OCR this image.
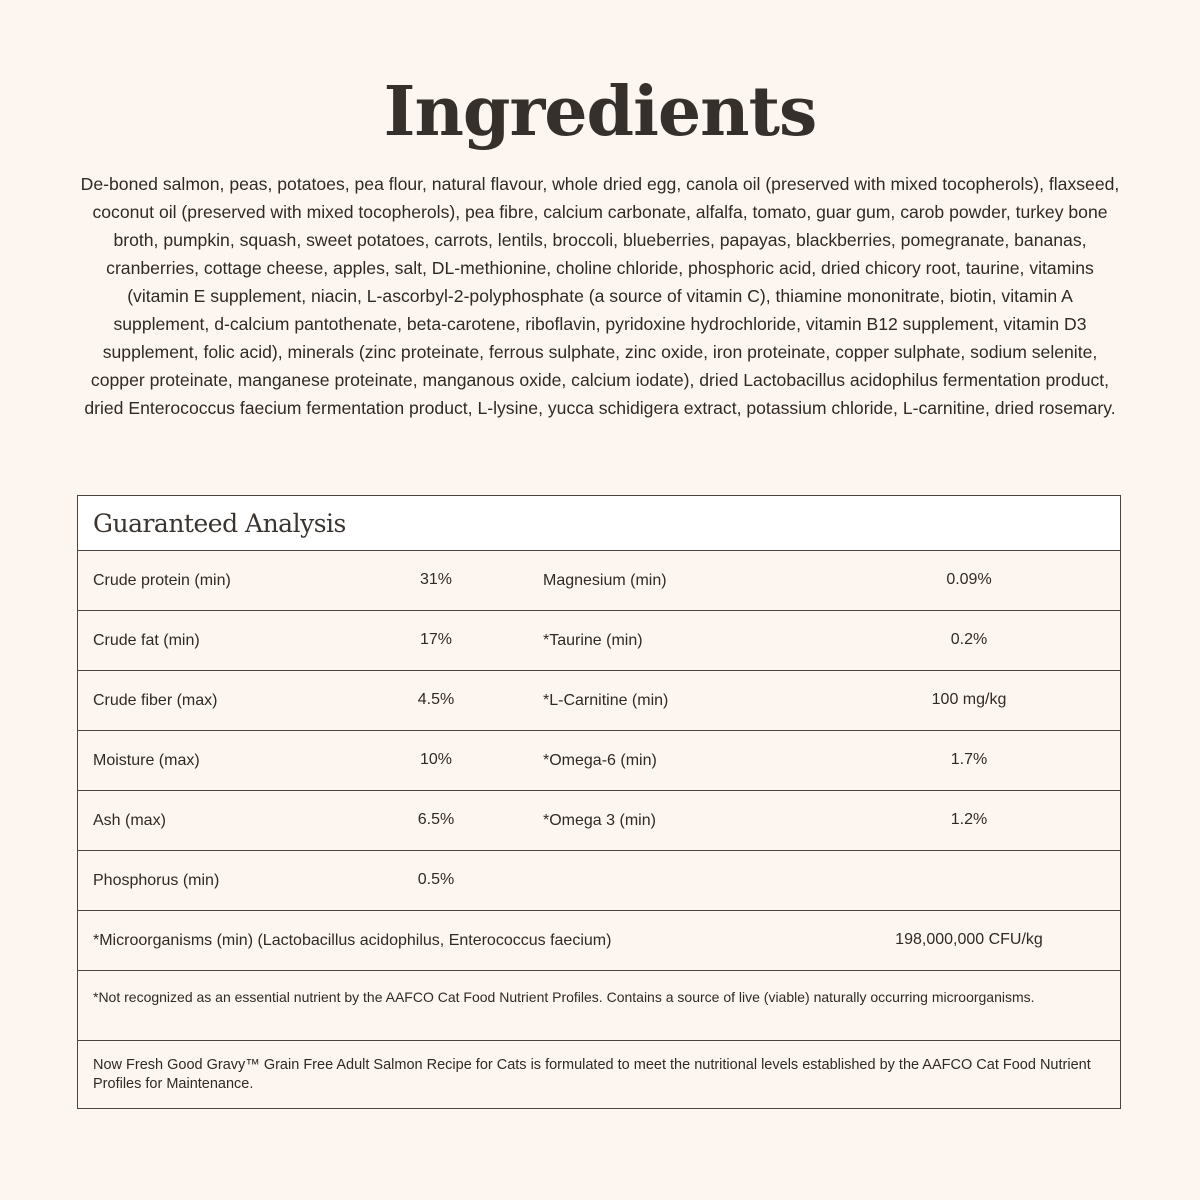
Ingredients

De-boned salmon, peas, potatoes, pea flour, natural flavour, whole dried egg, canola oil (preserved with mixed tocopherols), flaxseed, coconut oil (preserved with mixed tocopherols), pea fibre, calcium carbonate, alfalfa, tomato, guar gum, carob powder, turkey bone broth, pumpkin, squash, sweet potatoes, carrots, lentils, broccoli, blueberries, papayas, blackberries, pomegranate, bananas, cranberries, cottage cheese, apples, salt, DL-methionine, choline chloride, phosphoric acid, dried chicory root, taurine, vitamins (vitamin E supplement, niacin, L-ascorbyl-2-polyphosphate (a source of vitamin C), thiamine mononitrate, biotin, vitamin A supplement, d-calcium pantothenate, beta-carotene, riboflavin, pyridoxine hydrochloride, vitamin B12 supplement, vitamin D3 supplement, folic acid), minerals (zinc proteinate, ferrous sulphate, zinc oxide, iron proteinate, copper sulphate, sodium selenite, copper proteinate, manganese proteinate, manganous oxide, calcium iodate), dried Lactobacillus acidophilus fermentation product, dried Enterococcus faecium fermentation product, L-lysine, yucca schidigera extract, potassium chloride, L-carnitine, dried rosemary.

Guaranteed Analysis
Crude protein (min)	31%	Magnesium (min)	0.09%
Crude fat (min)	17%	*Taurine (min)	0.2%
Crude fiber (max)	4.5%	*L-Carnitine (min)	100 mg/kg
Moisture (max)	10%	*Omega-6 (min)	1.7%
Ash (max)	6.5%	*Omega 3 (min)	1.2%
Phosphorus (min)	0.5%
*Microorganisms (min) (Lactobacillus acidophilus, Enterococcus faecium)	198,000,000 CFU/kg
*Not recognized as an essential nutrient by the AAFCO Cat Food Nutrient Profiles. Contains a source of live (viable) naturally occurring microorganisms.
Now Fresh Good Gravy™ Grain Free Adult Salmon Recipe for Cats is formulated to meet the nutritional levels established by the AAFCO Cat Food Nutrient Profiles for Maintenance.
